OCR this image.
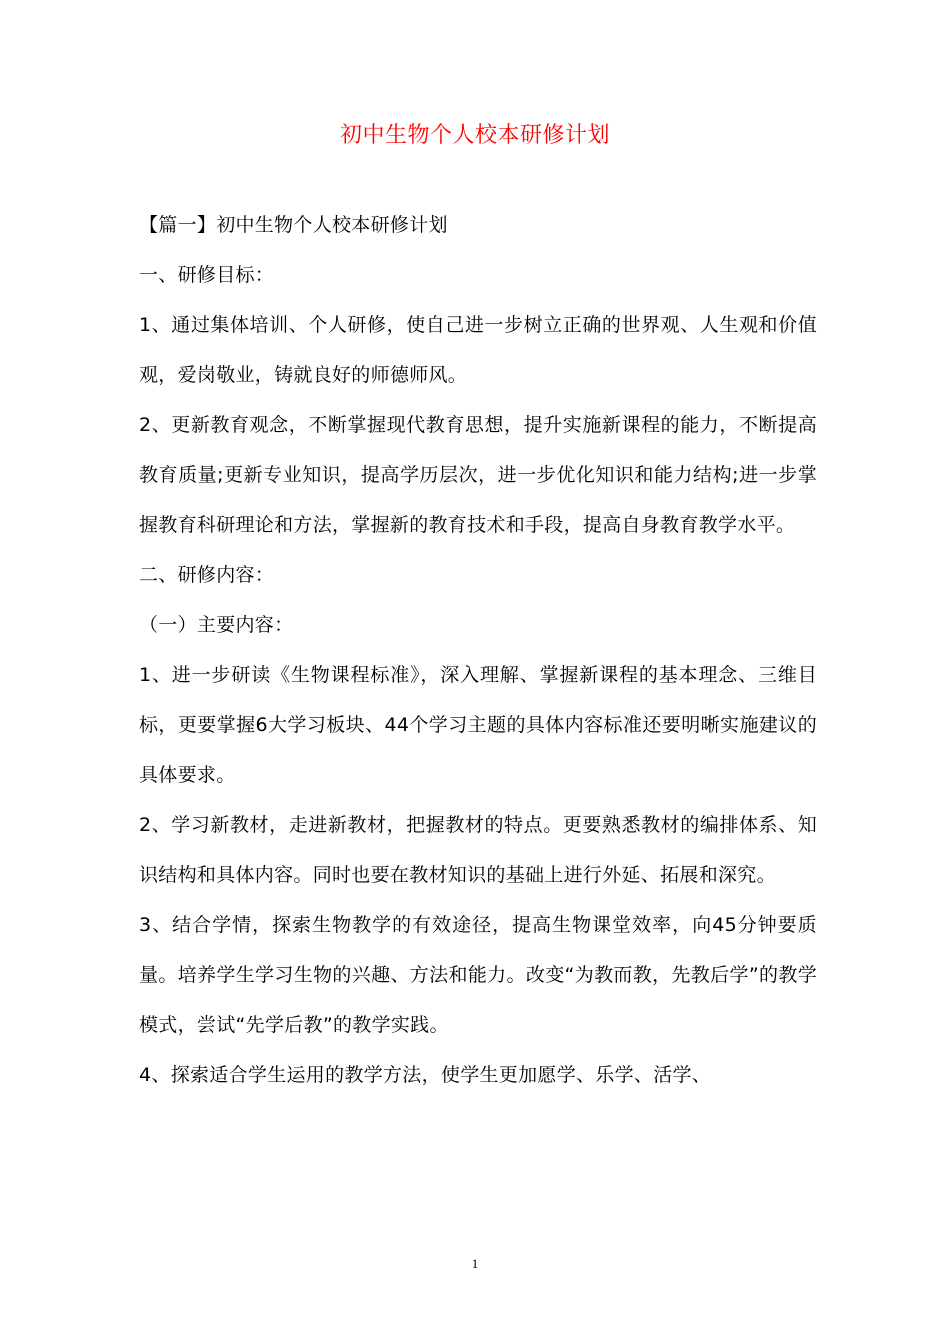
初中生物个人校本研修计划

【篇一】初中生物个人校本研修计划

一、研修目标：

1、通过集体培训、个人研修，使自己进一步树立正确的世界观、人生观和价值观，爱岗敬业，铸就良好的师德师风。

2、更新教育观念，不断掌握现代教育思想，提升实施新课程的能力，不断提高教育质量;更新专业知识，提高学历层次，进一步优化知识和能力结构;进一步掌握教育科研理论和方法，掌握新的教育技术和手段，提高自身教育教学水平。

二、研修内容：

（一）主要内容：

1、进一步研读《生物课程标准》，深入理解、掌握新课程的基本理念、三维目标，更要掌握6大学习板块、44个学习主题的具体内容标准还要明晰实施建议的具体要求。

2、学习新教材，走进新教材，把握教材的特点。更要熟悉教材的编排体系、知识结构和具体内容。同时也要在教材知识的基础上进行外延、拓展和深究。

3、结合学情，探索生物教学的有效途径，提高生物课堂效率，向45分钟要质量。培养学生学习生物的兴趣、方法和能力。改变“为教而教，先教后学”的教学模式，尝试“先学后教”的教学实践。

4、探索适合学生运用的教学方法，使学生更加愿学、乐学、活学、

1
